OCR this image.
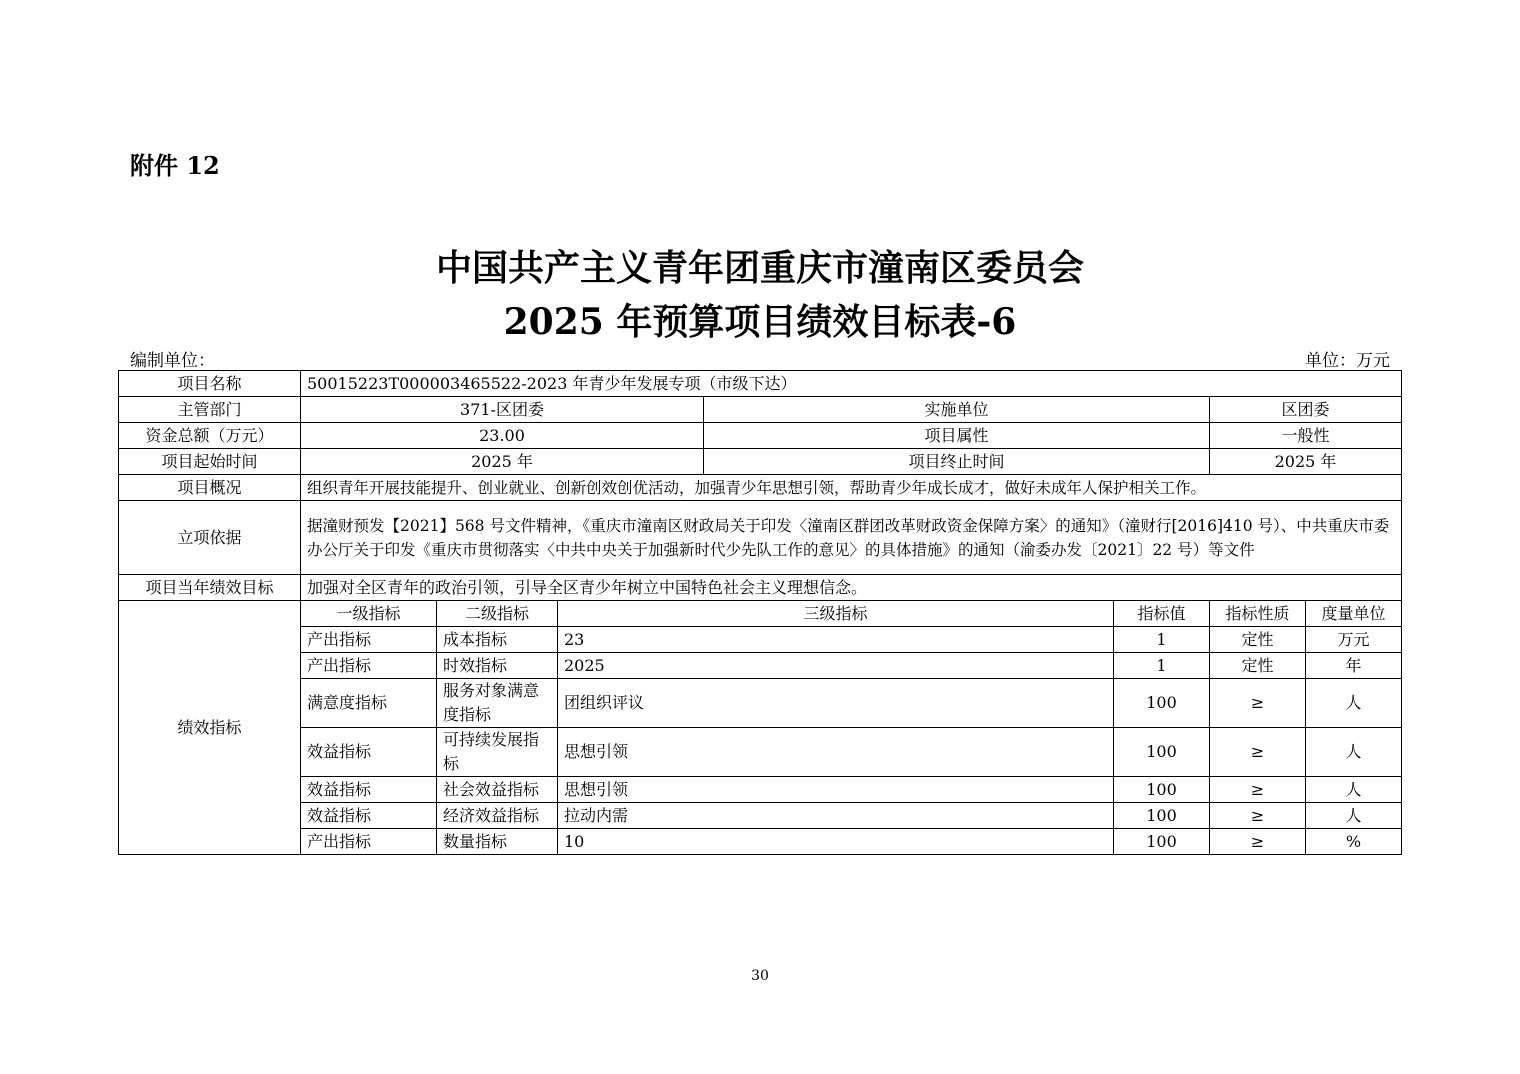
附件 12
中国共产主义青年团重庆市潼南区委员会
2025 年预算项目绩效目标表-6
编制单位：	单位：万元
项目名称	50015223T000003465522-2023 年青少年发展专项（市级下达）						
主管部门	371-区团委			实施单位		区团委	
资金总额（万元）	23.00			项目属性		一般性	
项目起始时间	2025 年			项目终止时间		2025 年	
项目概况	组织青年开展技能提升、创业就业、创新创效创优活动，加强青少年思想引领，帮助青少年成长成才，做好未成年人保护相关工作。						
立项依据	据潼财预发【2021】568 号文件精神，《重庆市潼南区财政局关于印发〈潼南区群团改革财政资金保障方案〉的通知》（潼财行[2016]410 号）、中共重庆市委办公厅关于印发《重庆市贯彻落实〈中共中央关于加强新时代少先队工作的意见〉的具体措施》的通知（渝委办发〔2021〕22 号）等文件						
项目当年绩效目标	加强对全区青年的政治引领，引导全区青少年树立中国特色社会主义理想信念。						
绩效指标	一级指标	二级指标	三级指标		指标值	指标性质	度量单位
	产出指标	成本指标	23		1	定性	万元
	产出指标	时效指标	2025		1	定性	年
	满意度指标	服务对象满意度指标	团组织评议		100	≥	人
	效益指标	可持续发展指标	思想引领		100	≥	人
	效益指标	社会效益指标	思想引领		100	≥	人
	效益指标	经济效益指标	拉动内需		100	≥	人
	产出指标	数量指标	10		100	≥	%
30
